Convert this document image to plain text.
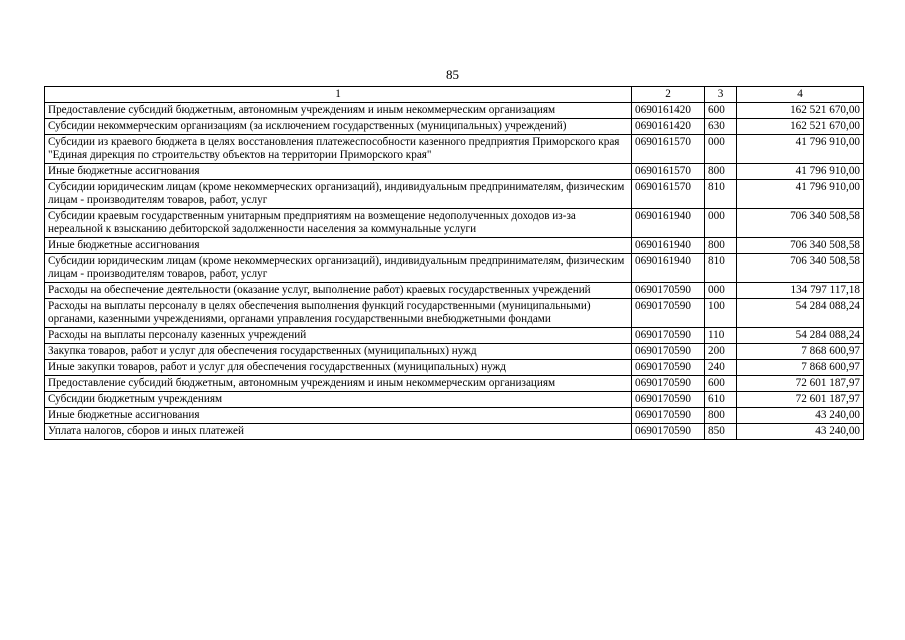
85
1	2	3	4
Предоставление субсидий бюджетным, автономным учреждениям и иным некоммерческим организациям	0690161420	600	162 521 670,00
Субсидии некоммерческим организациям (за исключением государственных (муниципальных) учреждений)	0690161420	630	162 521 670,00
Субсидии из краевого бюджета в целях восстановления платежеспособности казенного предприятия Приморского края "Единая дирекция по строительству объектов на территории Приморского края"	0690161570	000	41 796 910,00
Иные бюджетные ассигнования	0690161570	800	41 796 910,00
Субсидии юридическим лицам (кроме некоммерческих организаций), индивидуальным предпринимателям, физическим лицам - производителям товаров, работ, услуг	0690161570	810	41 796 910,00
Субсидии краевым государственным унитарным предприятиям на возмещение недополученных доходов из-за нереальной к взысканию дебиторской задолженности населения за коммунальные услуги	0690161940	000	706 340 508,58
Иные бюджетные ассигнования	0690161940	800	706 340 508,58
Субсидии юридическим лицам (кроме некоммерческих организаций), индивидуальным предпринимателям, физическим лицам - производителям товаров, работ, услуг	0690161940	810	706 340 508,58
Расходы на обеспечение деятельности (оказание услуг, выполнение работ) краевых государственных учреждений	0690170590	000	134 797 117,18
Расходы на выплаты персоналу в целях обеспечения выполнения функций государственными (муниципальными) органами, казенными учреждениями, органами управления государственными внебюджетными фондами	0690170590	100	54 284 088,24
Расходы на выплаты персоналу казенных учреждений	0690170590	110	54 284 088,24
Закупка товаров, работ и услуг для обеспечения государственных (муниципальных) нужд	0690170590	200	7 868 600,97
Иные закупки товаров, работ и услуг для обеспечения государственных (муниципальных) нужд	0690170590	240	7 868 600,97
Предоставление субсидий бюджетным, автономным учреждениям и иным некоммерческим организациям	0690170590	600	72 601 187,97
Субсидии бюджетным учреждениям	0690170590	610	72 601 187,97
Иные бюджетные ассигнования	0690170590	800	43 240,00
Уплата налогов, сборов и иных платежей	0690170590	850	43 240,00
